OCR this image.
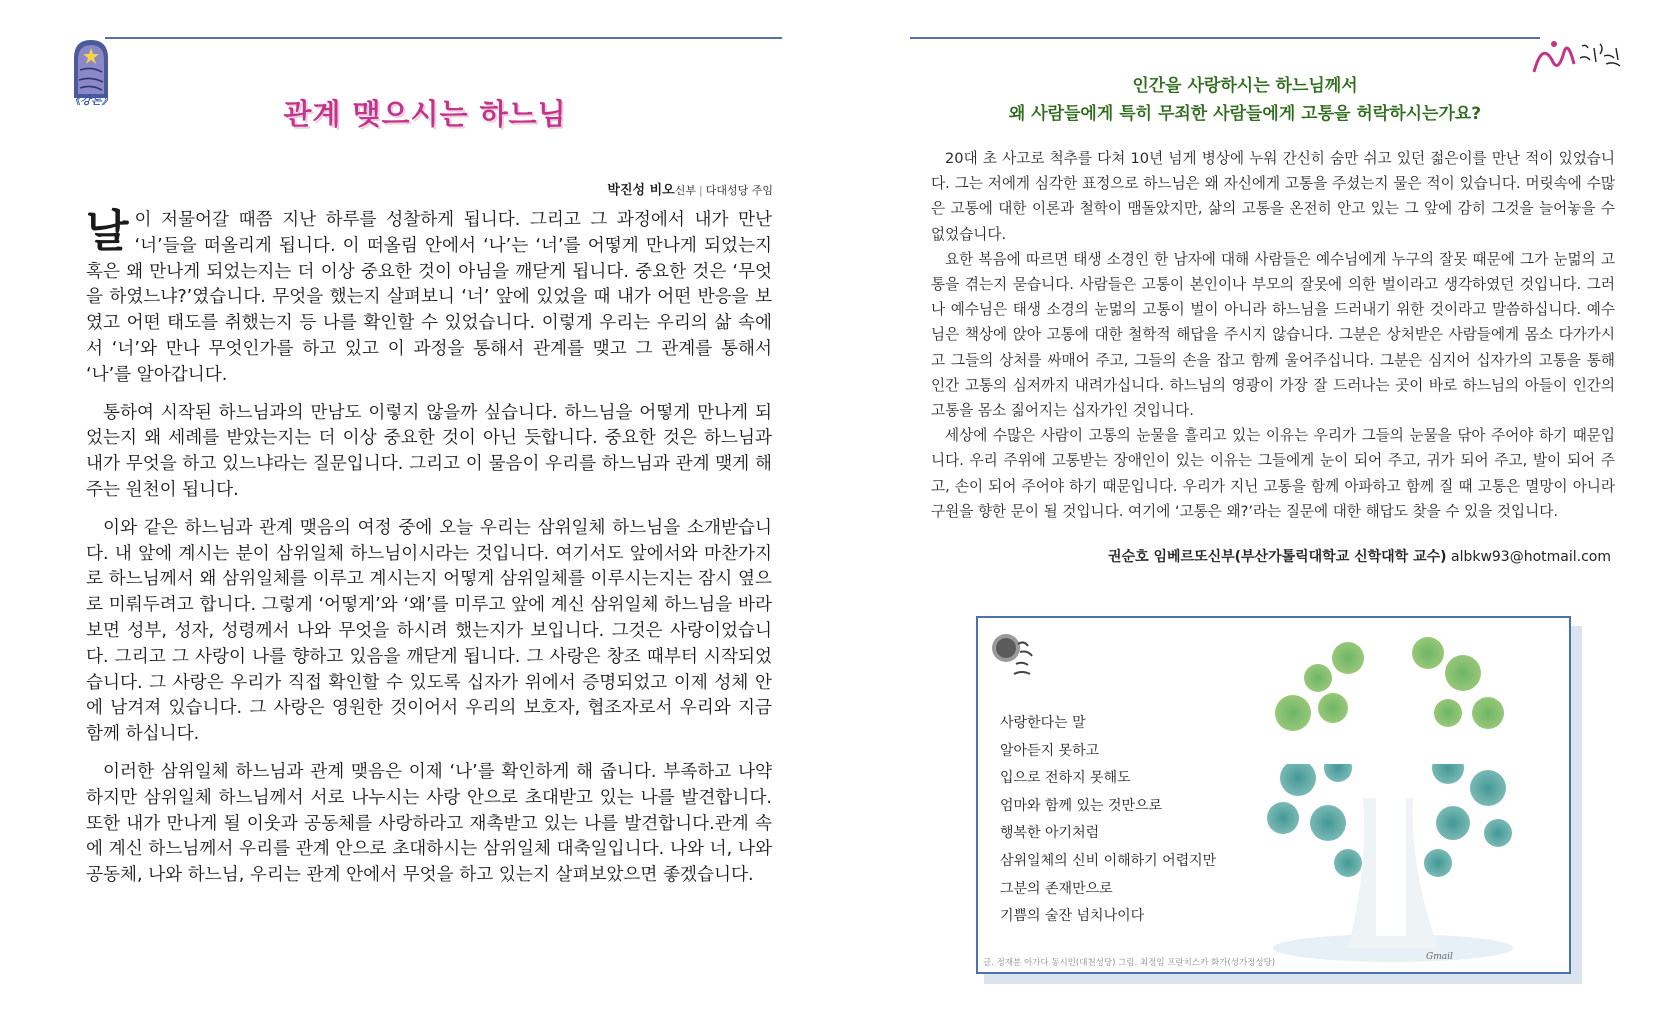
《강론》	관계 맺으시는 하느님
박진성 비오신부 | 다대성당 주임

날이 저물어갈 때쯤 지난 하루를 성찰하게 됩니다. 그리고 그 과정에서 내가 만난 ‘너’들을 떠올리게 됩니다. 이 떠올림 안에서 ‘나’는 ‘너’를 어떻게 만나게 되었는지 혹은 왜 만나게 되었는지는 더 이상 중요한 것이 아님을 깨닫게 됩니다. 중요한 것은 ‘무엇을 하였느냐?’였습니다. 무엇을 했는지 살펴보니 ‘너’ 앞에 있었을 때 내가 어떤 반응을 보였고 어떤 태도를 취했는지 등 나를 확인할 수 있었습니다. 이렇게 우리는 우리의 삶 속에서 ‘너’와 만나 무엇인가를 하고 있고 이 과정을 통해서 관계를 맺고 그 관계를 통해서 ‘나’를 알아갑니다.

통하여 시작된 하느님과의 만남도 이렇지 않을까 싶습니다. 하느님을 어떻게 만나게 되었는지 왜 세례를 받았는지는 더 이상 중요한 것이 아닌 듯합니다. 중요한 것은 하느님과 내가 무엇을 하고 있느냐라는 질문입니다. 그리고 이 물음이 우리를 하느님과 관계 맺게 해주는 원천이 됩니다.

이와 같은 하느님과 관계 맺음의 여정 중에 오늘 우리는 삼위일체 하느님을 소개받습니다. 내 앞에 계시는 분이 삼위일체 하느님이시라는 것입니다. 여기서도 앞에서와 마찬가지로 하느님께서 왜 삼위일체를 이루고 계시는지 어떻게 삼위일체를 이루시는지는 잠시 옆으로 미뤄두려고 합니다. 그렇게 ‘어떻게’와 ‘왜’를 미루고 앞에 계신 삼위일체 하느님을 바라보면 성부, 성자, 성령께서 나와 무엇을 하시려 했는지가 보입니다. 그것은 사랑이었습니다. 그리고 그 사랑이 나를 향하고 있음을 깨닫게 됩니다. 그 사랑은 창조 때부터 시작되었습니다. 그 사랑은 우리가 직접 확인할 수 있도록 십자가 위에서 증명되었고 이제 성체 안에 남겨져 있습니다. 그 사랑은 영원한 것이어서 우리의 보호자, 협조자로서 우리와 지금 함께 하십니다.

이러한 삼위일체 하느님과 관계 맺음은 이제 ‘나’를 확인하게 해 줍니다. 부족하고 나약하지만 삼위일체 하느님께서 서로 나누시는 사랑 안으로 초대받고 있는 나를 발견합니다. 또한 내가 만나게 될 이웃과 공동체를 사랑하라고 재촉받고 있는 나를 발견합니다.관계 속에 계신 하느님께서 우리를 관계 안으로 초대하시는 삼위일체 대축일입니다. 나와 너, 나와 공동체, 나와 하느님, 우리는 관계 안에서 무엇을 하고 있는지 살펴보았으면 좋겠습니다.

인간을 사랑하시는 하느님께서
왜 사람들에게 특히 무죄한 사람들에게 고통을 허락하시는가요?

20대 초 사고로 척추를 다쳐 10년 넘게 병상에 누워 간신히 숨만 쉬고 있던 젊은이를 만난 적이 있었습니다. 그는 저에게 심각한 표정으로 하느님은 왜 자신에게 고통을 주셨는지 물은 적이 있습니다. 머릿속에 수많은 고통에 대한 이론과 철학이 맴돌았지만, 삶의 고통을 온전히 안고 있는 그 앞에 감히 그것을 늘어놓을 수 없었습니다.

요한 복음에 따르면 태생 소경인 한 남자에 대해 사람들은 예수님에게 누구의 잘못 때문에 그가 눈멂의 고통을 겪는지 묻습니다. 사람들은 고통이 본인이나 부모의 잘못에 의한 벌이라고 생각하였던 것입니다. 그러나 예수님은 태생 소경의 눈멂의 고통이 벌이 아니라 하느님을 드러내기 위한 것이라고 말씀하십니다. 예수님은 책상에 앉아 고통에 대한 철학적 해답을 주시지 않습니다. 그분은 상처받은 사람들에게 몸소 다가가시고 그들의 상처를 싸매어 주고, 그들의 손을 잡고 함께 울어주십니다. 그분은 심지어 십자가의 고통을 통해 인간 고통의 심저까지 내려가십니다. 하느님의 영광이 가장 잘 드러나는 곳이 바로 하느님의 아들이 인간의 고통을 몸소 짊어지는 십자가인 것입니다.

세상에 수많은 사람이 고통의 눈물을 흘리고 있는 이유는 우리가 그들의 눈물을 닦아 주어야 하기 때문입니다. 우리 주위에 고통받는 장애인이 있는 이유는 그들에게 눈이 되어 주고, 귀가 되어 주고, 발이 되어 주고, 손이 되어 주어야 하기 때문입니다. 우리가 지닌 고통을 함께 아파하고 함께 질 때 고통은 멸망이 아니라 구원을 향한 문이 될 것입니다. 여기에 ‘고통은 왜?’라는 질문에 대한 해답도 찾을 수 있을 것입니다.

권순호 임베르또신부(부산가톨릭대학교 신학대학 교수) albkw93@hotmail.com
사랑한다는 말
알아듣지 못하고
입으로 전하지 못해도
엄마와 함께 있는 것만으로
행복한 아기처럼
삼위일체의 신비 이해하기 어렵지만
그분의 존재만으로
기쁨의 술잔 넘치나이다
글. 정재분 아가다 동시인(대천성당) 그림. 최정임 프란치스카 화가(성가정성당)
Gmail
